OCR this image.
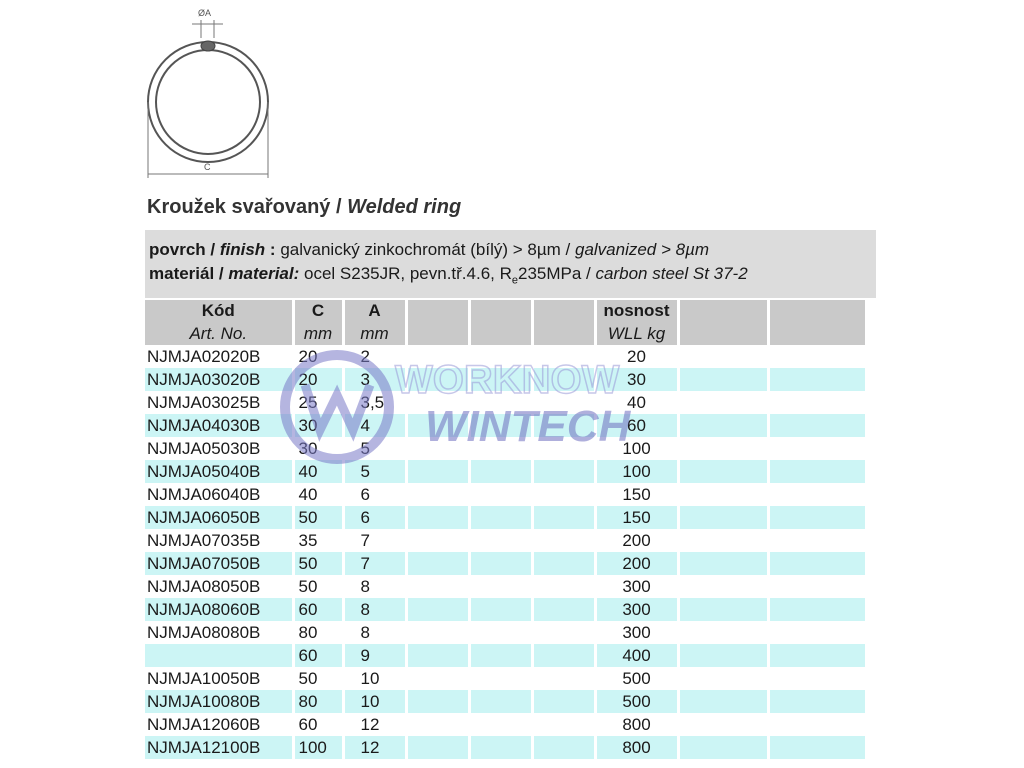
ØA
C
Kroužek svařovaný / Welded ring
povrch / finish : galvanický zinkochromát (bílý) > 8µm / galvanized > 8µm
materiál / material: ocel S235JR, pevn.tř.4.6, $R_e235MPa$ / carbon steel St 37-2
Kód	C	A				nosnost		
Art. No.	mm	mm				WLL kg		
NJMJA02020B	20	2				20		
NJMJA03020B	20	3				30		
NJMJA03025B	25	3,5				40		
NJMJA04030B	30	4				60		
NJMJA05030B	30	5				100		
NJMJA05040B	40	5				100		
NJMJA06040B	40	6				150		
NJMJA06050B	50	6				150		
NJMJA07035B	35	7				200		
NJMJA07050B	50	7				200		
NJMJA08050B	50	8				300		
NJMJA08060B	60	8				300		
NJMJA08080B	80	8				300		
	60	9				400		
NJMJA10050B	50	10				500		
NJMJA10080B	80	10				500		
NJMJA12060B	60	12				800		
NJMJA12100B	100	12				800		
WORKNOW
WINTECH
